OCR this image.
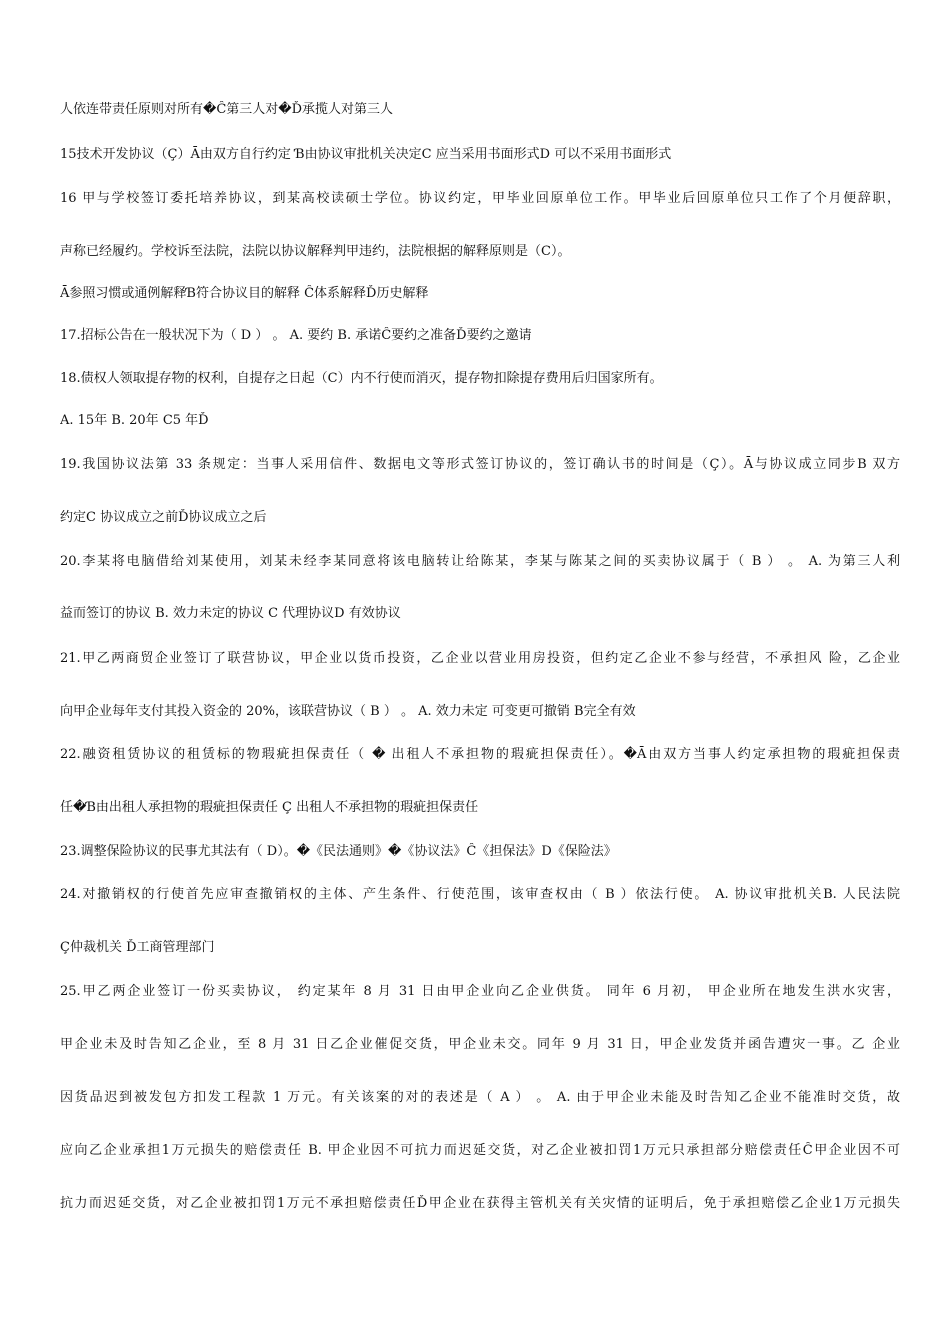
人依连带责任原则对所有�Ĉ第三人对�Ď承揽人对第三人
15技术开发协议（Ç）Ā由双方自行约定 Ɓ由协议审批机关决定C 应当采用书面形式D 可以不采用书面形式
16 甲与学校签订委托培养协议，到某高校读硕士学位。协议约定，甲毕业回原单位工作。甲毕业后回原单位只工作了个月便辞职，
声称已经履约。学校诉至法院，法院以协议解释判甲违约，法院根据的解释原则是（C）。
Ā参照习惯或通例解释Ɓ符合协议目的解释 Ĉ体系解释Ď历史解释
17.招标公告在一般状况下为（ D ） 。 A. 要约 B. 承诺Ĉ要约之准备Ď要约之邀请
18.债权人领取提存物的权利，自提存之日起（C）内不行使而消灭，提存物扣除提存费用后归国家所有。
A. 15年 B. 20年 C5 年Ď
19.我国协议法第 33 条规定：当事人采用信件、数据电文等形式签订协议的，签订确认书的时间是（Ç）。Ā与协议成立同步B 双方
约定C 协议成立之前Ď协议成立之后
20.李某将电脑借给刘某使用，刘某未经李某同意将该电脑转让给陈某，李某与陈某之间的买卖协议属于（ B ） 。 A. 为第三人利
益而签订的协议 B. 效力未定的协议 C 代理协议D 有效协议
21.甲乙两商贸企业签订了联营协议，甲企业以货币投资，乙企业以营业用房投资，但约定乙企业不参与经营，不承担风 险，乙企业
向甲企业每年支付其投入资金的 20%，该联营协议（ B ） 。 A. 效力未定 可变更可撤销 B完全有效
22.融资租赁协议的租赁标的物瑕疵担保责任（ � 出租人不承担物的瑕疵担保责任）。�Ā由双方当事人约定承担物的瑕疵担保责
任�Ɓ由出租人承担物的瑕疵担保责任 Ç 出租人不承担物的瑕疵担保责任
23.调整保险协议的民事尤其法有（ D）。�《民法通则》�《协议法》Ĉ《担保法》D《保险法》
24.对撤销权的行使首先应审查撤销权的主体、产生条件、行使范围，该审查权由（ B ）依法行使。 A. 协议审批机关B. 人民法院
Ç仲裁机关 Ď工商管理部门
25.甲乙两企业签订一份买卖协议， 约定某年 8 月 31 日由甲企业向乙企业供货。 同年 6 月初， 甲企业所在地发生洪水灾害，
甲企业未及时告知乙企业，至 8 月 31 日乙企业催促交货，甲企业未交。同年 9 月 31 日，甲企业发货并函告遭灾一事。乙 企业
因货品迟到被发包方扣发工程款 1 万元。有关该案的对的表述是（ A ） 。 A. 由于甲企业未能及时告知乙企业不能准时交货，故
应向乙企业承担1万元损失的赔偿责任 B. 甲企业因不可抗力而迟延交货，对乙企业被扣罚1万元只承担部分赔偿责任Ĉ甲企业因不可
抗力而迟延交货，对乙企业被扣罚1万元不承担赔偿责任Ď甲企业在获得主管机关有关灾情的证明后，免于承担赔偿乙企业1万元损失
